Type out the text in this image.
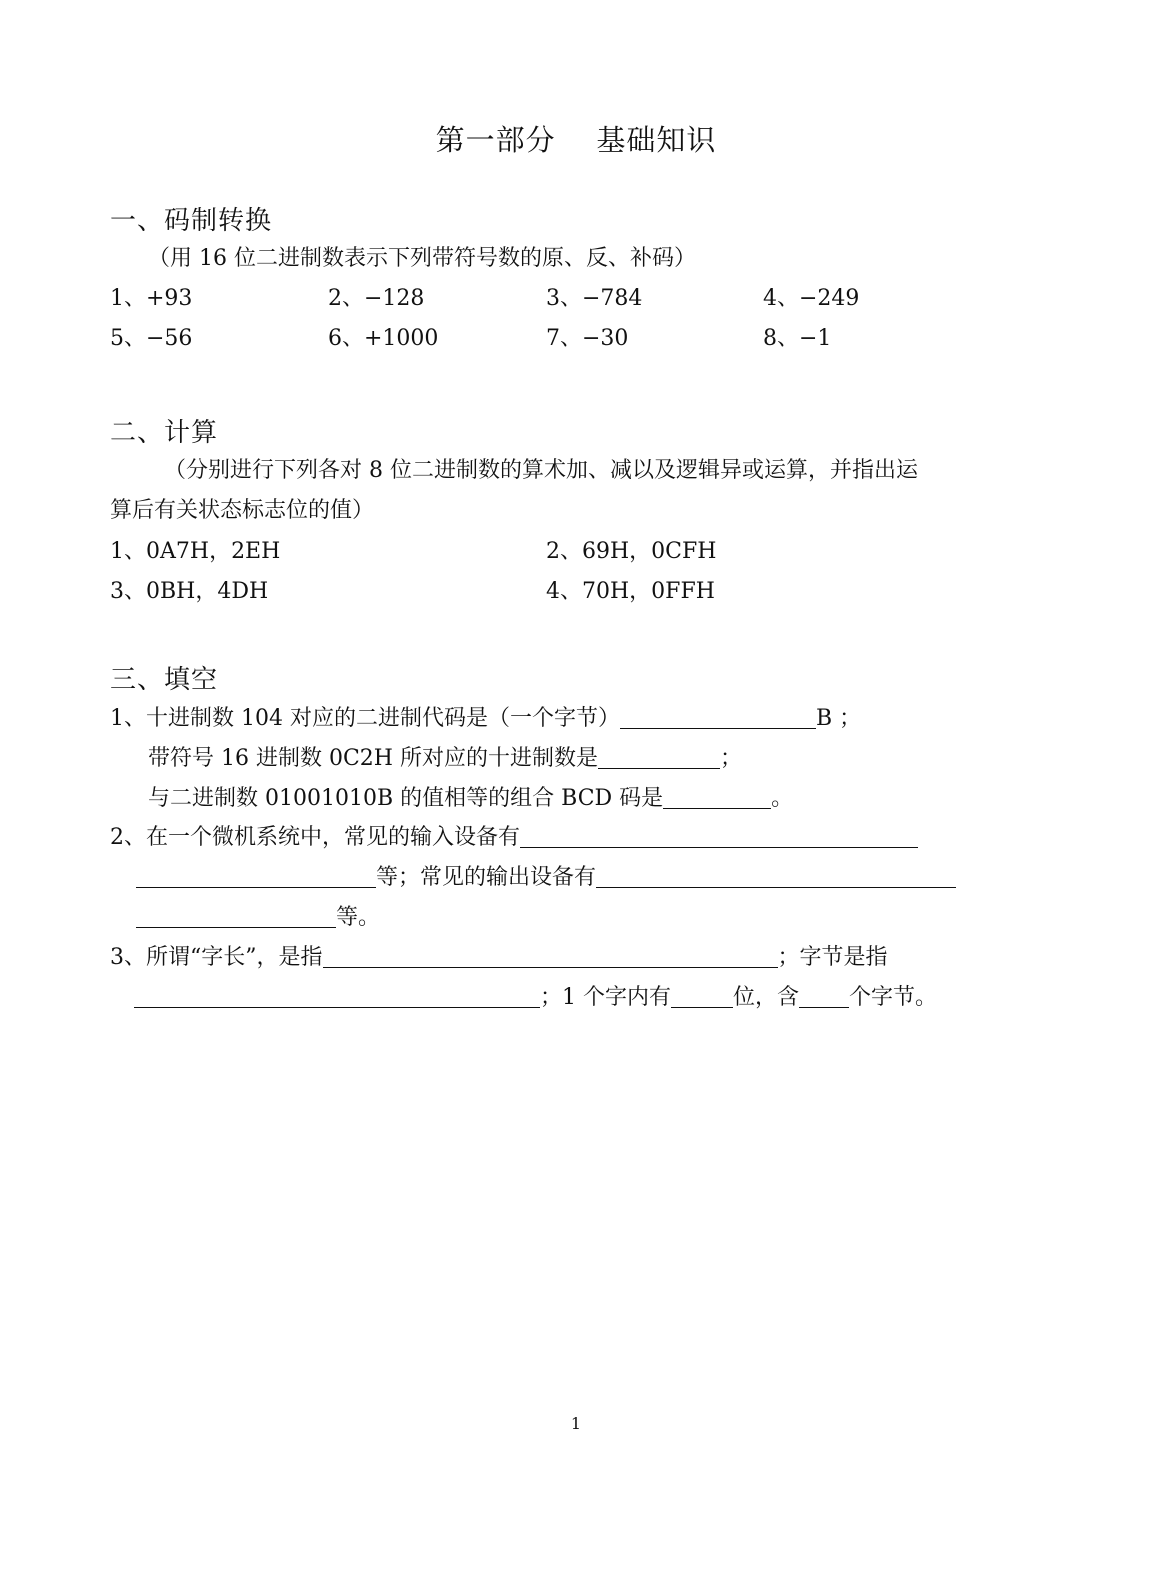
第一部分    基础知识
一、码制转换
（用 16 位二进制数表示下列带符号数的原、反、补码）
1、+93	2、−128	3、−784	4、−249
5、−56	6、+1000	7、−30	8、−1
二、计算
（分别进行下列各对 8 位二进制数的算术加、减以及逻辑异或运算，并指出运
算后有关状态标志位的值）
1、0A7H，2EH	2、69H，0CFH
3、0BH，4DH	4、70H，0FFH
三、填空
1、十进制数 104 对应的二进制代码是（一个字节）	B ；
带符号 16 进制数 0C2H 所对应的十进制数是	；
与二进制数 01001010B 的值相等的组合 BCD 码是	。
2、在一个微机系统中，常见的输入设备有
等；常见的输出设备有
等。
3、所谓“字长”，是指	；字节是指
；1 个字内有	位，含 个字节。
1
